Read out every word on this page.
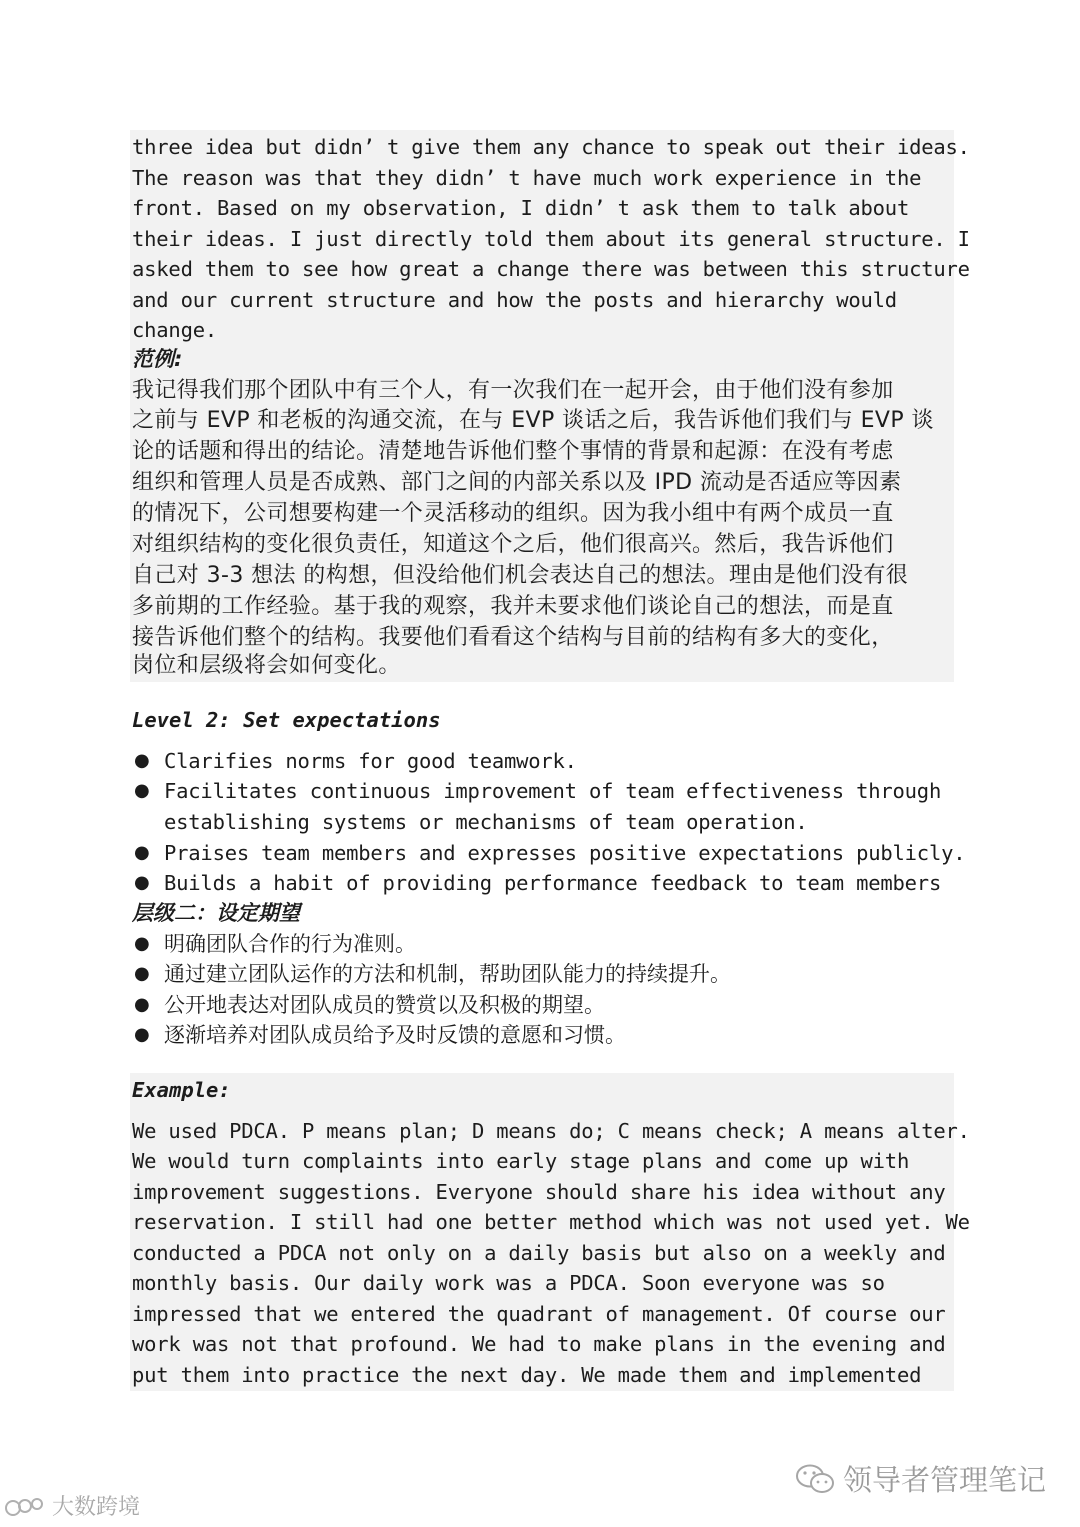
three idea but didn’ t give them any chance to speak out their ideas.
The reason was that they didn’ t have much work experience in the
front. Based on my observation, I didn’ t ask them to talk about
their ideas. I just directly told them about its general structure. I
asked them to see how great a change there was between this structure
and our current structure and how the posts and hierarchy would
change.
范例:
我记得我们那个团队中有三个人，有一次我们在一起开会，由于他们没有参加
之前与 EVP 和老板的沟通交流，在与 EVP 谈话之后，我告诉他们我们与 EVP 谈
论的话题和得出的结论。清楚地告诉他们整个事情的背景和起源：在没有考虑
组织和管理人员是否成熟、部门之间的内部关系以及 IPD 流动是否适应等因素
的情况下，公司想要构建一个灵活移动的组织。因为我小组中有两个成员一直
对组织结构的变化很负责任，知道这个之后，他们很高兴。然后，我告诉他们
自己对 3-3 想法 的构想，但没给他们机会表达自己的想法。理由是他们没有很
多前期的工作经验。基于我的观察，我并未要求他们谈论自己的想法，而是直
接告诉他们整个的结构。我要他们看看这个结构与目前的结构有多大的变化，
岗位和层级将会如何变化。
Level 2: Set expectations
● Clarifies norms for good teamwork.
● Facilitates continuous improvement of team effectiveness through
establishing systems or mechanisms of team operation.
● Praises team members and expresses positive expectations publicly.
● Builds a habit of providing performance feedback to team members
层级二：设定期望
● 明确团队合作的行为准则。
● 通过建立团队运作的方法和机制，帮助团队能力的持续提升。
● 公开地表达对团队成员的赞赏以及积极的期望。
● 逐渐培养对团队成员给予及时反馈的意愿和习惯。
Example:
We used PDCA. P means plan; D means do; C means check; A means alter.
We would turn complaints into early stage plans and come up with
improvement suggestions. Everyone should share his idea without any
reservation. I still had one better method which was not used yet. We
conducted a PDCA not only on a daily basis but also on a weekly and
monthly basis. Our daily work was a PDCA. Soon everyone was so
impressed that we entered the quadrant of management. Of course our
work was not that profound. We had to make plans in the evening and
put them into practice the next day. We made them and implemented
领导者管理笔记
大数跨境
